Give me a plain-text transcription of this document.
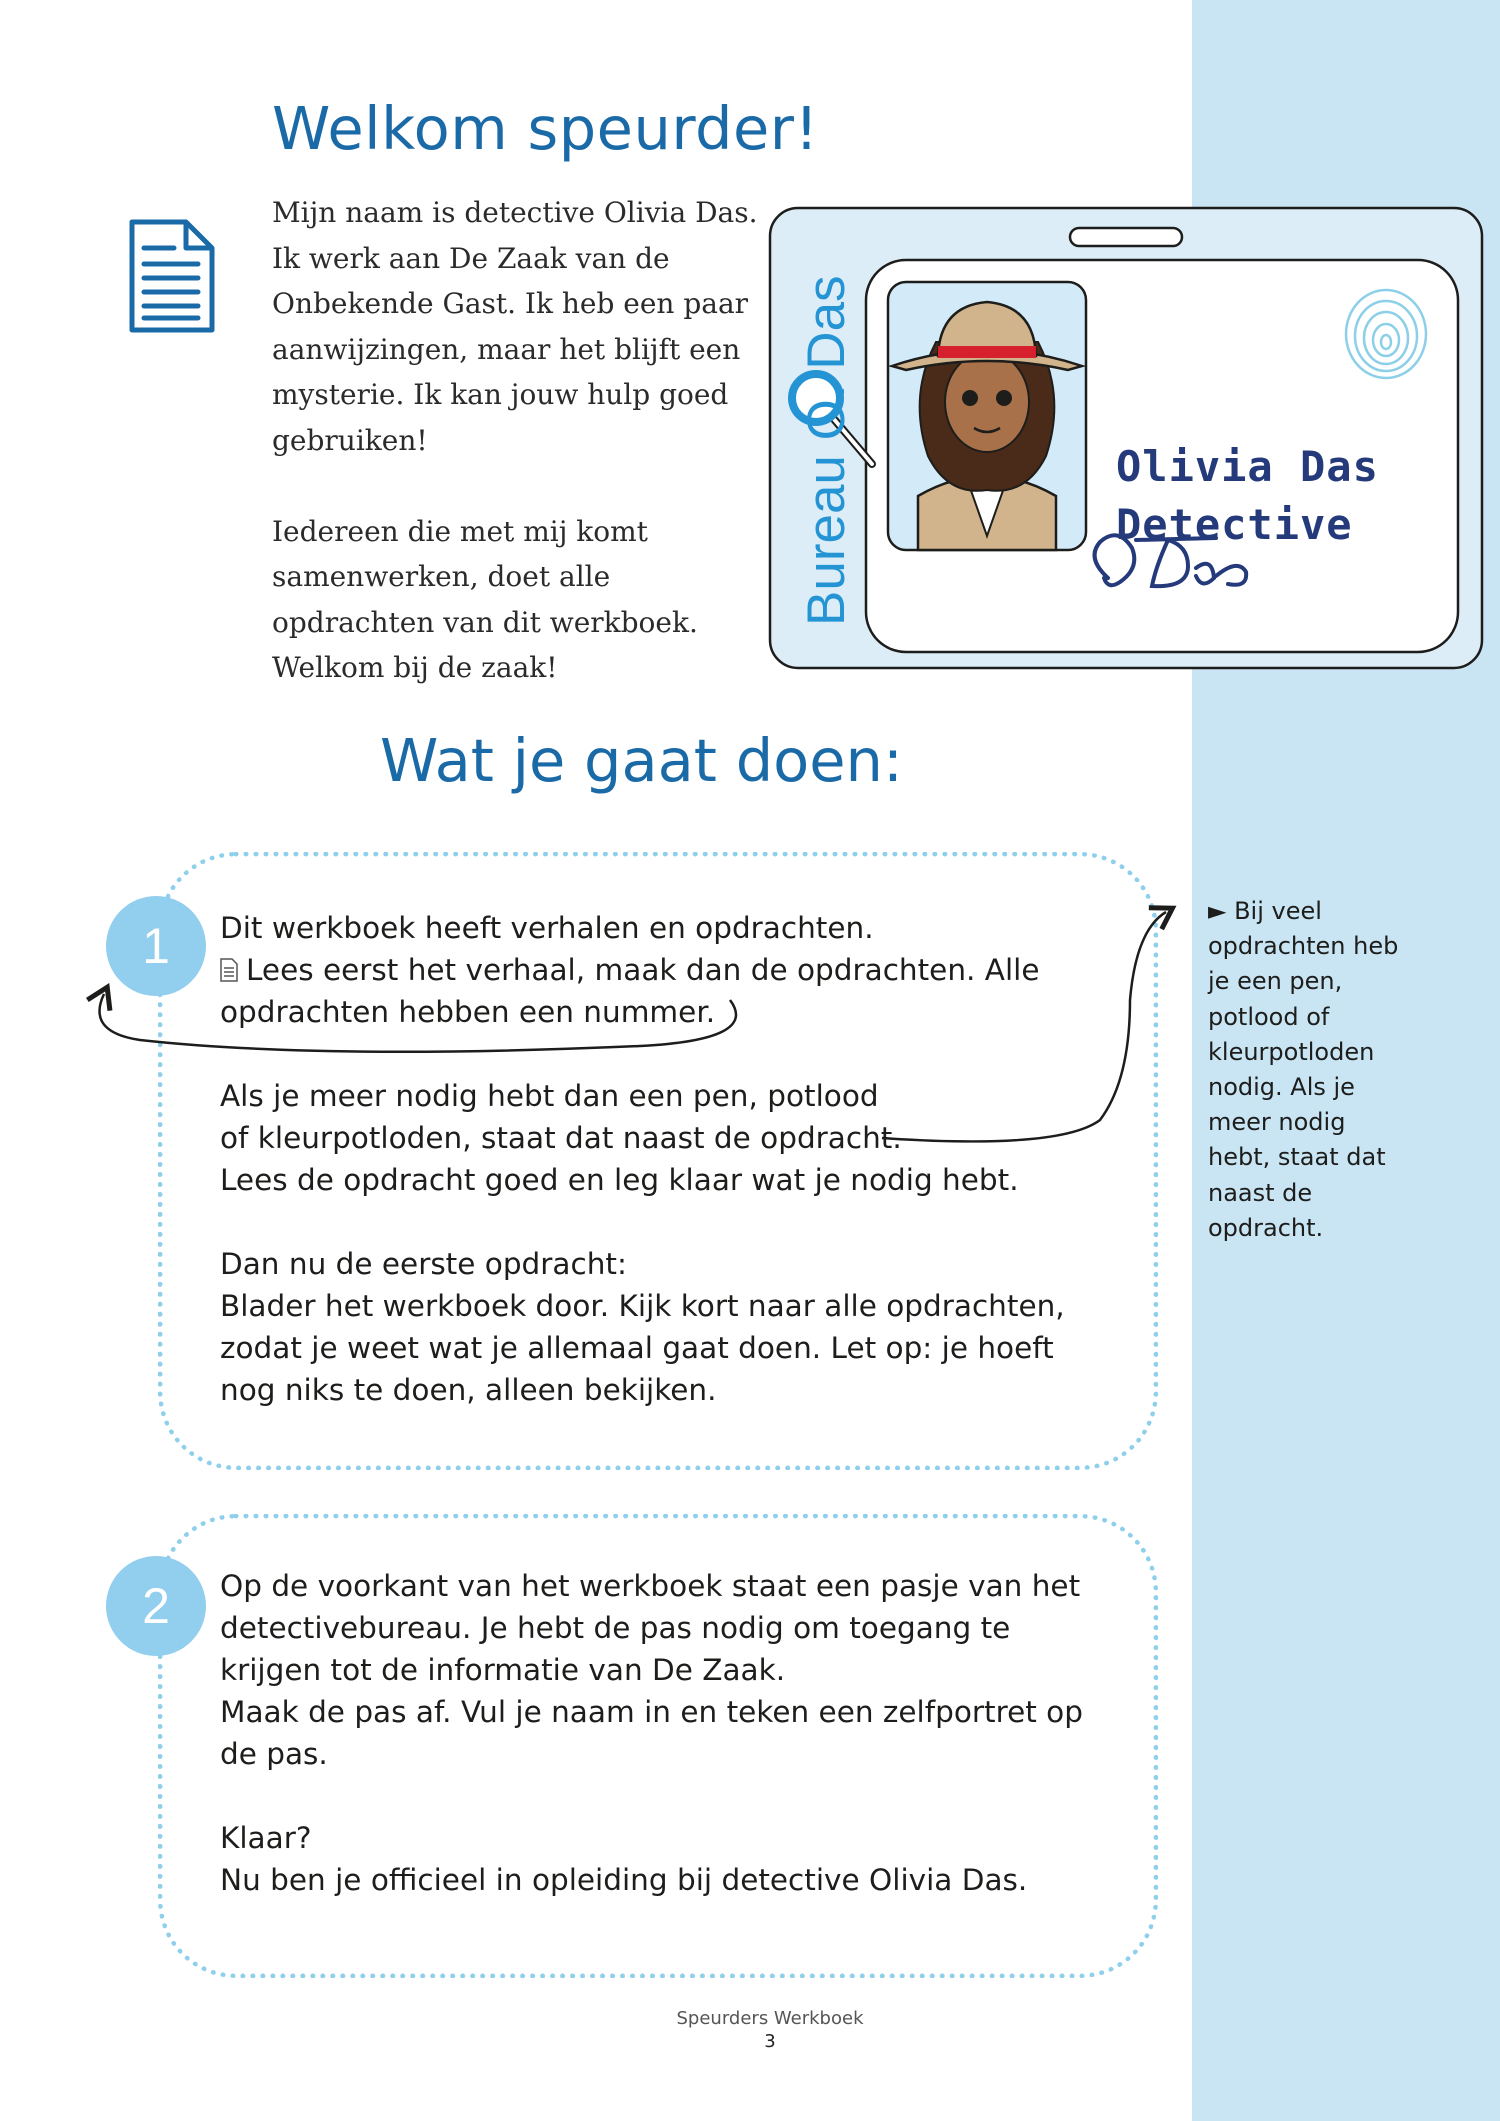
Welkom speurder!

Mijn naam is detective Olivia Das. Ik werk aan De Zaak van de Onbekende Gast. Ik heb een paar aanwijzingen, maar het blijft een mysterie. Ik kan jouw hulp goed gebruiken!

Iedereen die met mij komt samenwerken, doet alle opdrachten van dit werkboek. Welkom bij de zaak!

Bureau O. Das	Olivia Das
Detective
Wat je gaat doen:
1
2

Dit werkboek heeft verhalen en opdrachten.

Lees eerst het verhaal, maak dan de opdrachten. Alle opdrachten hebben een nummer.

Als je meer nodig hebt dan een pen, potlood of kleurpotloden, staat dat naast de opdracht.

Lees de opdracht goed en leg klaar wat je nodig hebt.

Dan nu de eerste opdracht:

Blader het werkboek door. Kijk kort naar alle opdrachten, zodat je weet wat je allemaal gaat doen. Let op: je hoeft nog niks te doen, alleen bekijken.

Op de voorkant van het werkboek staat een pasje van het detectivebureau. Je hebt de pas nodig om toegang te krijgen tot de informatie van De Zaak.

Maak de pas af. Vul je naam in en teken een zelfportret op de pas.

Klaar?

Nu ben je officieel in opleiding bij detective Olivia Das.

► Bij veel opdrachten heb je een pen, potlood of kleurpotloden nodig. Als je meer nodig hebt, staat dat naast de opdracht.
Speurders Werkboek
3
